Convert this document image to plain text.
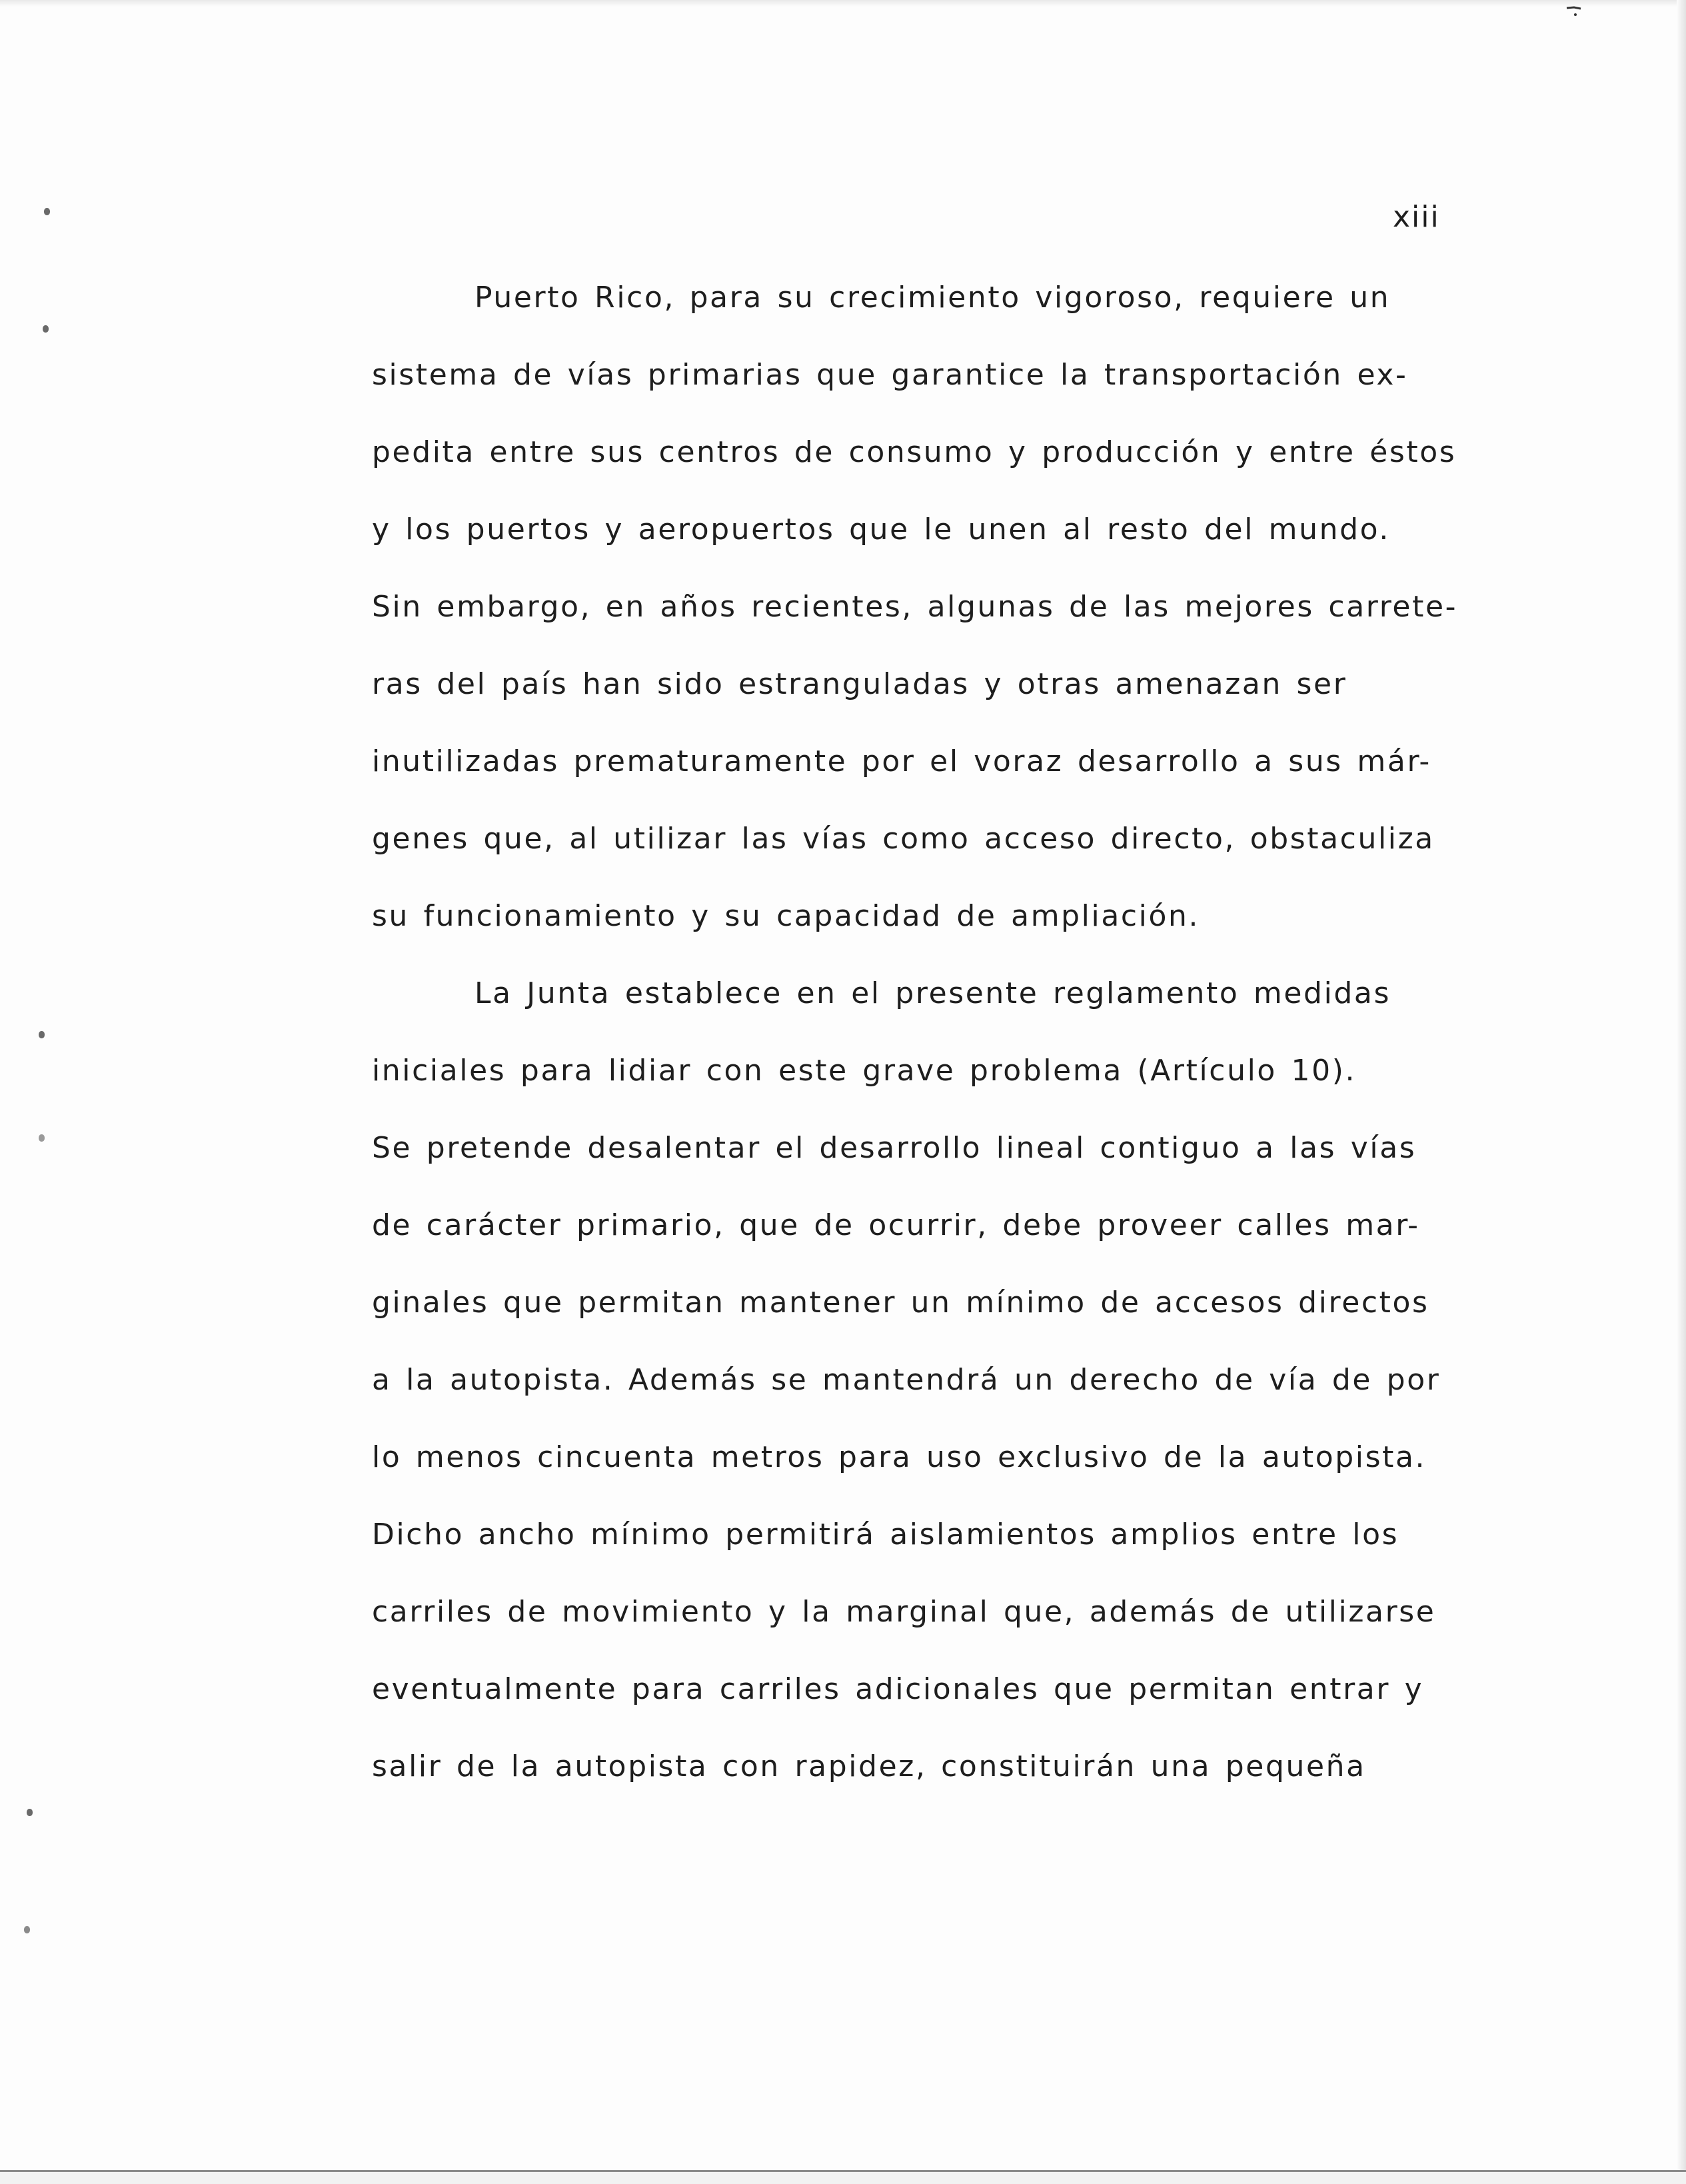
xiii
Puerto Rico, para su crecimiento vigoroso, requiere un
sistema de vías primarias que garantice la transportación ex-
pedita entre sus centros de consumo y producción y entre éstos
y los puertos y aeropuertos que le unen al resto del mundo.
Sin embargo, en años recientes, algunas de las mejores carrete-
ras del país han sido estranguladas y otras amenazan ser
inutilizadas prematuramente por el voraz desarrollo a sus már-
genes que, al utilizar las vías como acceso directo, obstaculiza
su funcionamiento y su capacidad de ampliación.
La Junta establece en el presente reglamento medidas
iniciales para lidiar con este grave problema (Artículo 10).
Se pretende desalentar el desarrollo lineal contiguo a las vías
de carácter primario, que de ocurrir, debe proveer calles mar-
ginales que permitan mantener un mínimo de accesos directos
a la autopista. Además se mantendrá un derecho de vía de por
lo menos cincuenta metros para uso exclusivo de la autopista.
Dicho ancho mínimo permitirá aislamientos amplios entre los
carriles de movimiento y la marginal que, además de utilizarse
eventualmente para carriles adicionales que permitan entrar y
salir de la autopista con rapidez, constituirán una pequeña
